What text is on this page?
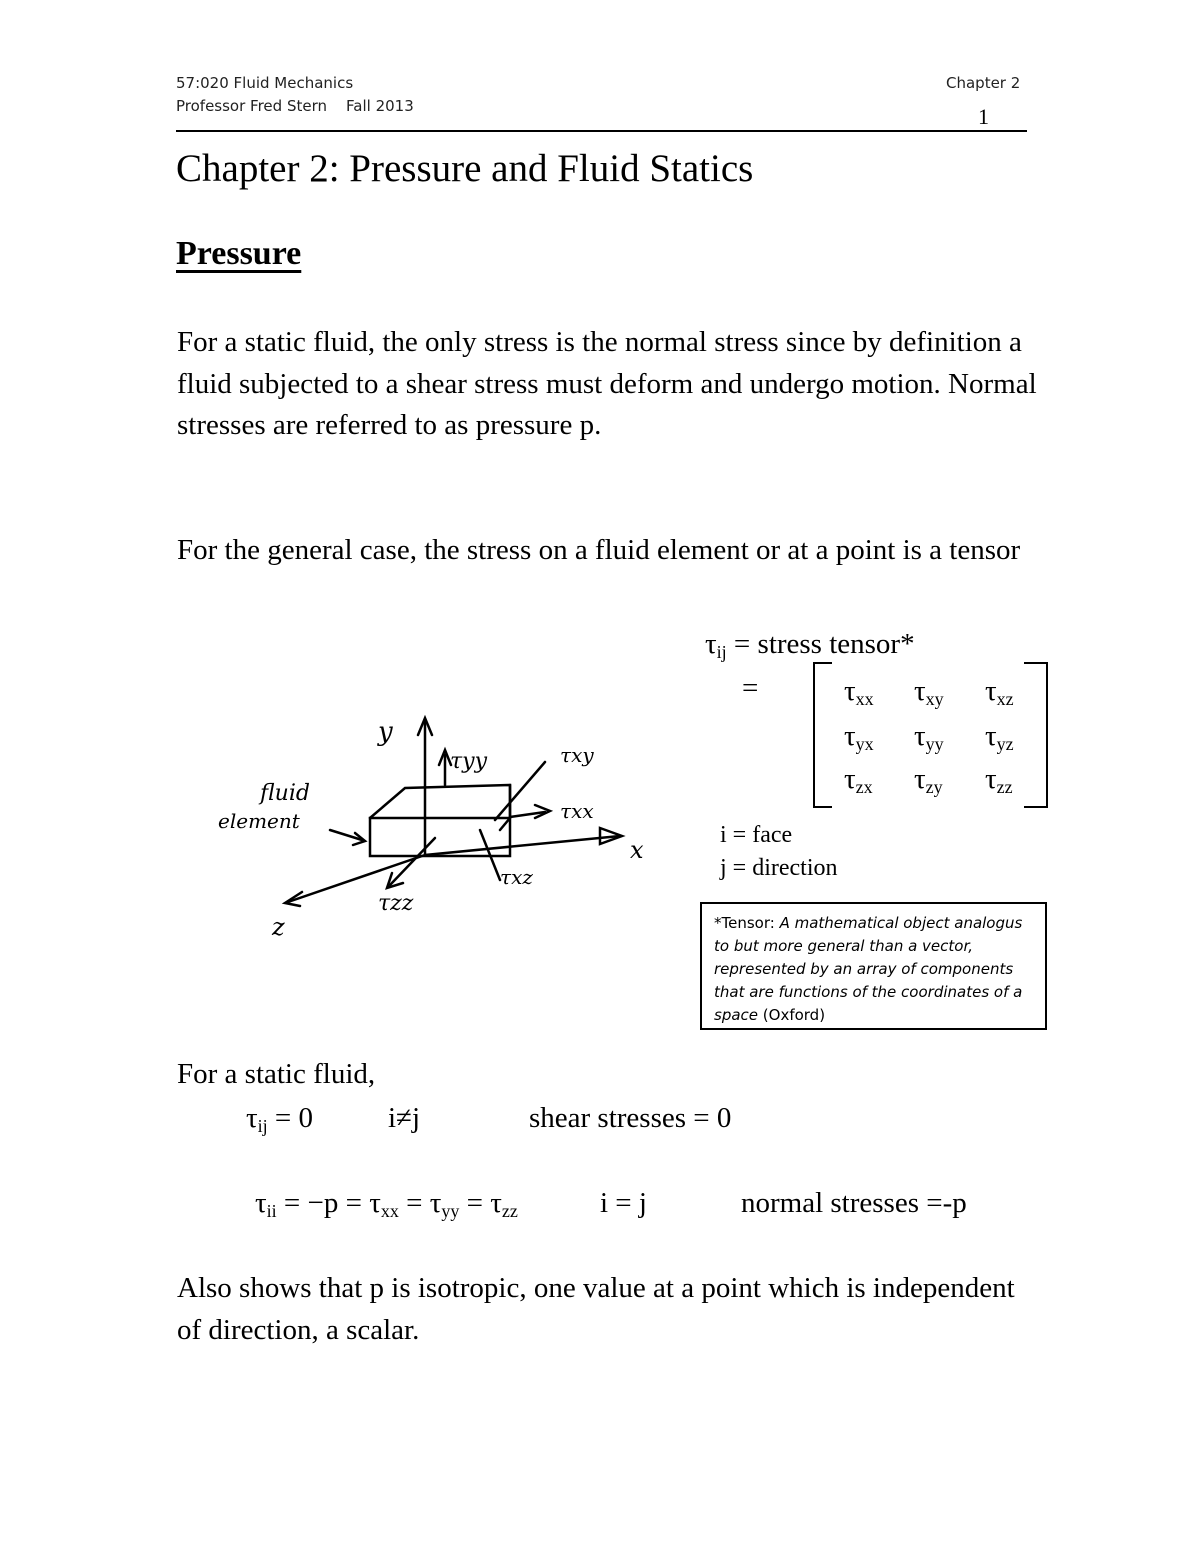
57:020 Fluid Mechanics
Professor Fred Stern    Fall 2013
Chapter 2
1
Chapter 2: Pressure and Fluid Statics
Pressure
For a static fluid, the only stress is the normal stress since by definition a fluid subjected to a shear stress must deform and undergo motion. Normal stresses are referred to as pressure p.
For the general case, the stress on a fluid element or at a point is a tensor
y
x
z
fluid
element
τyy	τxy
τxx
τxz
τzz
$\tau_{ij}$ = stress tensor*
=	$\tau_{xx}$ $\tau_{xy}$ $\tau_{xz}$
$\tau_{yx}$ $\tau_{yy}$ $\tau_{yz}$
$\tau_{zx}$ $\tau_{zy}$ $\tau_{zz}$
i = face
j = direction
*Tensor: A mathematical object analogus to but more general than a vector, represented by an array of components that are functions of the coordinates of a space (Oxford)
For a static fluid,
$\tau_{ij} = 0$	i≠j	shear stresses = 0
$\tau_{ii} = -p = \tau_{xx} = \tau_{yy} = \tau_{zz}$	i = j	normal stresses =-p
Also shows that p is isotropic, one value at a point which is independent of direction, a scalar.
